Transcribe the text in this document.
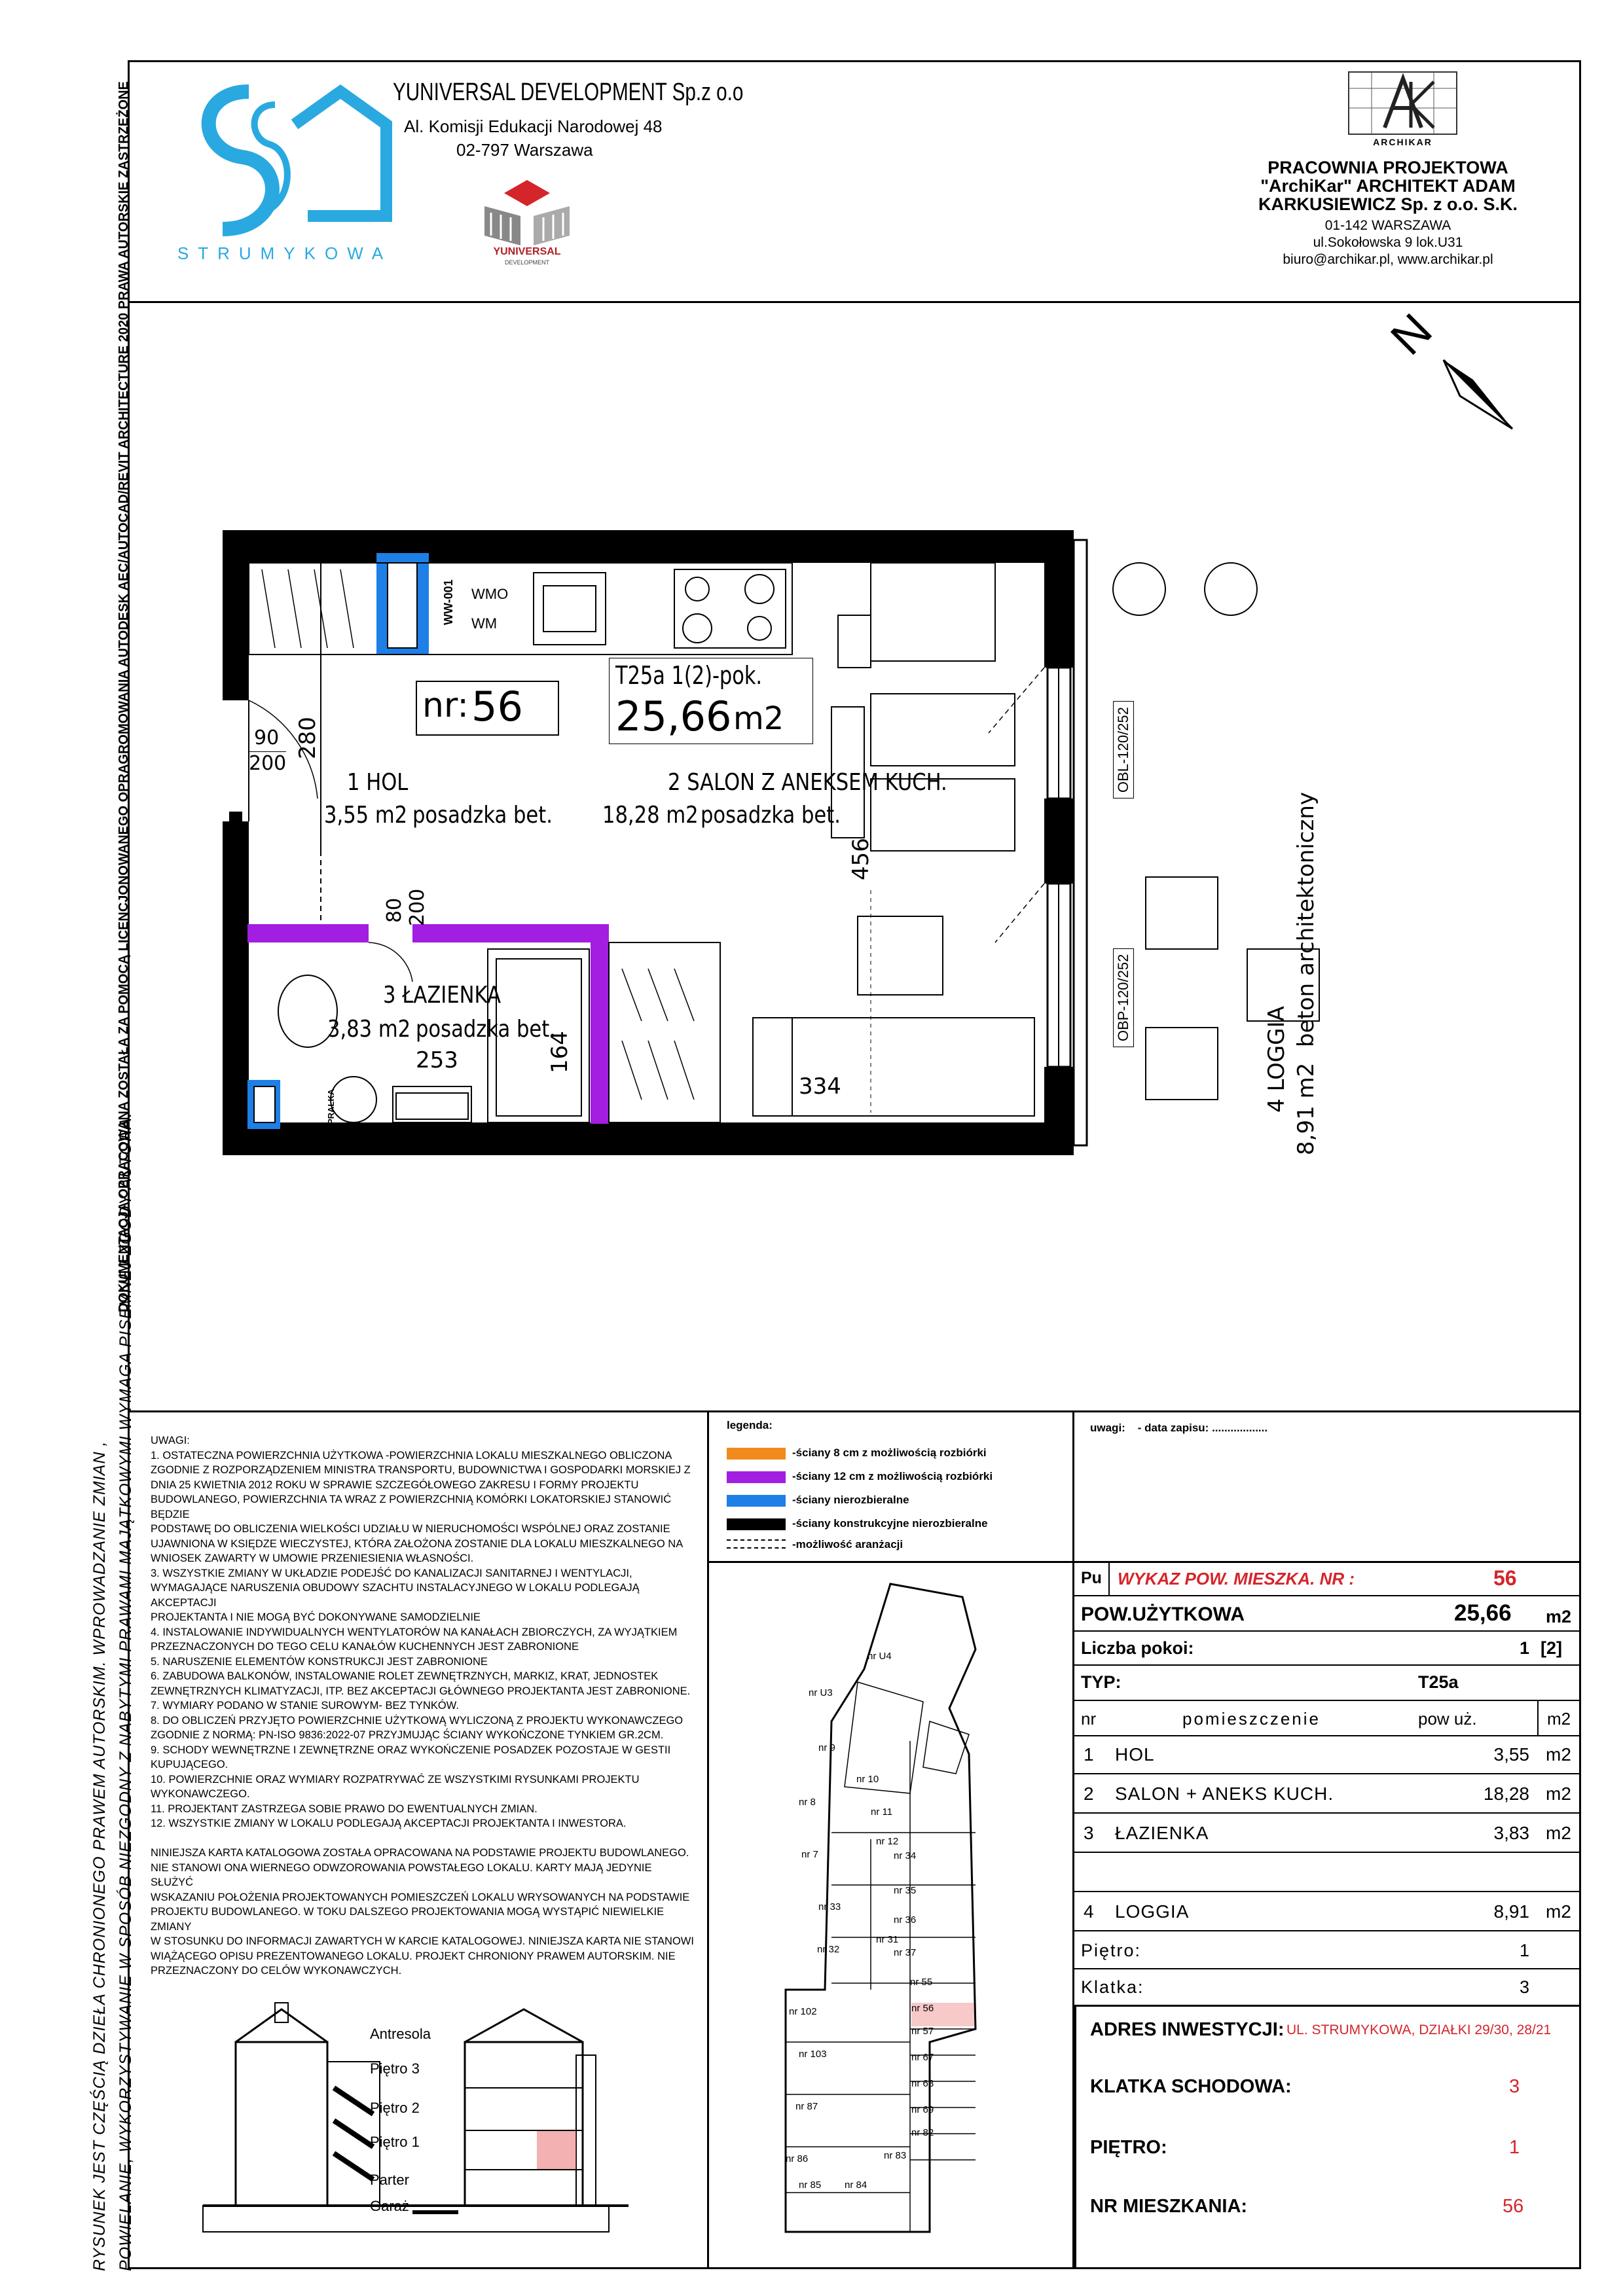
DOKUMENTACJA OPRACOWANA ZOSTAŁA ZA POMOCĄ LICENCJONOWANEGO OPRAGROMOWANIA AUTODESK AEC/AUTOCAD/REVIT ARCHITECTURE 2020 PRAWA AUTORSKIE ZASTRZEŻONE
RYSUNEK JEST CZĘŚCIĄ DZIEŁA CHRONIONEGO PRAWEM AUTORSKIM. WPROWADZANIE ZMIAN , POWIELANIE, WYKORZYSTYWANIE W SPOSÓB NIEZGODNY Z NABYTYMI PRAWAMI MAJĄTKOWYMI WYMAGA PISEMNEJ ZGODY AUTORA.
STRUMYKOWA
YUNIVERSAL DEVELOPMENT Sp.z o.o
Al. Komisji Edukacji Narodowej 48
02-797 Warszawa
YUNIVERSAL
DEVELOPMENT
ARCHIKAR
PRACOWNIA PROJEKTOWA
"ArchiKar" ARCHITEKT ADAM
KARKUSIEWICZ Sp. z o.o. S.K.
01-142 WARSZAWA
ul.Sokołowska 9 lok.U31
biuro@archikar.pl, www.archikar.pl
N
nr: 56
T25a 1(2)-pok.
25,66 m2
1 HOL
3,55 m2 posadzka bet.
2 SALON Z ANEKSEM KUCH.
18,28 m2 posadzka bet.
3 ŁAZIENKA
3,83 m2 posadzka bet.	4 LOGGIA 8,91 m2
beton architektoniczny
90
200
280
80 200
253	164
456
334
WMO
WM
WW-001
OBL-120/252
OBP-120/252
PRALKA

UWAGI:

1. OSTATECZNA POWIERZCHNIA UŻYTKOWA -POWIERZCHNIA LOKALU MIESZKALNEGO OBLICZONA

ZGODNIE Z ROZPORZĄDZENIEM MINISTRA TRANSPORTU, BUDOWNICTWA I GOSPODARKI MORSKIEJ Z

DNIA 25 KWIETNIA 2012 ROKU W SPRAWIE SZCZEGÓŁOWEGO ZAKRESU I FORMY PROJEKTU

BUDOWLANEGO, POWIERZCHNIA TA WRAZ Z POWIERZCHNIĄ KOMÓRKI LOKATORSKIEJ STANOWIĆ BĘDZIE

PODSTAWĘ DO OBLICZENIA WIELKOŚCI UDZIAŁU W NIERUCHOMOŚCI WSPÓLNEJ ORAZ ZOSTANIE

UJAWNIONA W KSIĘDZE WIECZYSTEJ, KTÓRA ZAŁOŻONA ZOSTANIE DLA LOKALU MIESZKALNEGO NA

WNIOSEK ZAWARTY W UMOWIE PRZENIESIENIA WŁASNOŚCI.

3. WSZYSTKIE ZMIANY W UKŁADZIE PODEJŚĆ DO KANALIZACJI SANITARNEJ I WENTYLACJI,

WYMAGAJĄCE NARUSZENIA OBUDOWY SZACHTU INSTALACYJNEGO W LOKALU PODLEGAJĄ AKCEPTACJI

PROJEKTANTA I NIE MOGĄ BYĆ DOKONYWANE SAMODZIELNIE

4. INSTALOWANIE INDYWIDUALNYCH WENTYLATORÓW NA KANAŁACH ZBIORCZYCH, ZA WYJĄTKIEM

PRZEZNACZONYCH DO TEGO CELU KANAŁÓW KUCHENNYCH JEST ZABRONIONE

5. NARUSZENIE ELEMENTÓW KONSTRUKCJI JEST ZABRONIONE

6. ZABUDOWA BALKONÓW, INSTALOWANIE ROLET ZEWNĘTRZNYCH, MARKIZ, KRAT, JEDNOSTEK

ZEWNĘTRZNYCH KLIMATYZACJI, ITP. BEZ AKCEPTACJI GŁÓWNEGO PROJEKTANTA JEST ZABRONIONE.

7. WYMIARY PODANO W STANIE SUROWYM- BEZ TYNKÓW.

8. DO OBLICZEŃ PRZYJĘTO POWIERZCHNIE UŻYTKOWĄ WYLICZONĄ Z PROJEKTU WYKONAWCZEGO

ZGODNIE Z NORMĄ: PN-ISO 9836:2022-07 PRZYJMUJĄC ŚCIANY WYKOŃCZONE TYNKIEM GR.2CM.

9. SCHODY WEWNĘTRZNE I ZEWNĘTRZNE ORAZ WYKOŃCZENIE POSADZEK POZOSTAJE W GESTII

KUPUJĄCEGO.

10. POWIERZCHNIE ORAZ WYMIARY ROZPATRYWAĆ ZE WSZYSTKIMI RYSUNKAMI PROJEKTU

WYKONAWCZEGO.

11. PROJEKTANT ZASTRZEGA SOBIE PRAWO DO EWENTUALNYCH ZMIAN.

12. WSZYSTKIE ZMIANY W LOKALU PODLEGAJĄ AKCEPTACJI PROJEKTANTA I INWESTORA.

NINIEJSZA KARTA KATALOGOWA ZOSTAŁA OPRACOWANA NA PODSTAWIE PROJEKTU BUDOWLANEGO.

NIE STANOWI ONA WIERNEGO ODWZOROWANIA POWSTAŁEGO LOKALU. KARTY MAJĄ JEDYNIE SŁUŻYĆ

WSKAZANIU POŁOŻENIA PROJEKTOWANYCH POMIESZCZEŃ LOKALU WRYSOWANYCH NA PODSTAWIE

PROJEKTU BUDOWLANEGO. W TOKU DALSZEGO PROJEKTOWANIA MOGĄ WYSTĄPIĆ NIEWIELKIE ZMIANY

W STOSUNKU DO INFORMACJI ZAWARTYCH W KARCIE KATALOGOWEJ. NINIEJSZA KARTA NIE STANOWI

WIĄŻĄCEGO OPISU PREZENTOWANEGO LOKALU. PROJEKT CHRONIONY PRAWEM AUTORSKIM. NIE

PRZEZNACZONY DO CELÓW WYKONAWCZYCH.

legenda:
-ściany 8 cm z możliwością rozbiórki
-ściany 12 cm z możliwością rozbiórki
-ściany nierozbieralne
-ściany konstrukcyjne nierozbieralne
-możliwość aranżacji
uwagi:    - data zapisu: ..................
Antresola
Piętro 3
Piętro 2
Piętro 1
Parter
Garaż
nr U4
nr U3
nr 9
nr 10
nr 8
nr 11
nr 12
nr 7	nr 34
nr 35
nr 33
nr 36
nr 31
nr 32	nr 37
nr 55
nr 56
nr 57
nr 102
nr 67
nr 103
nr 68
nr 87	nr 69
nr 82
nr 86	nr 83
nr 85 nr 84
Pu WYKAZ POW. MIESZKA. NR :	56
POW.UŻYTKOWA	25,66 m2
Liczba pokoi:	1 [2]
TYP:	T25a
nr	pomieszczenie	pow uż.	m2
1 HOL	3,55 m2
2 SALON + ANEKS KUCH.	18,28 m2
3 ŁAZIENKA	3,83 m2
4 LOGGIA	8,91 m2
Piętro:	1
Klatka:	3
ADRES INWESTYCJI: UL. STRUMYKOWA, DZIAŁKI 29/30, 28/21
KLATKA SCHODOWA:	3
PIĘTRO:	1
NR MIESZKANIA:	56
